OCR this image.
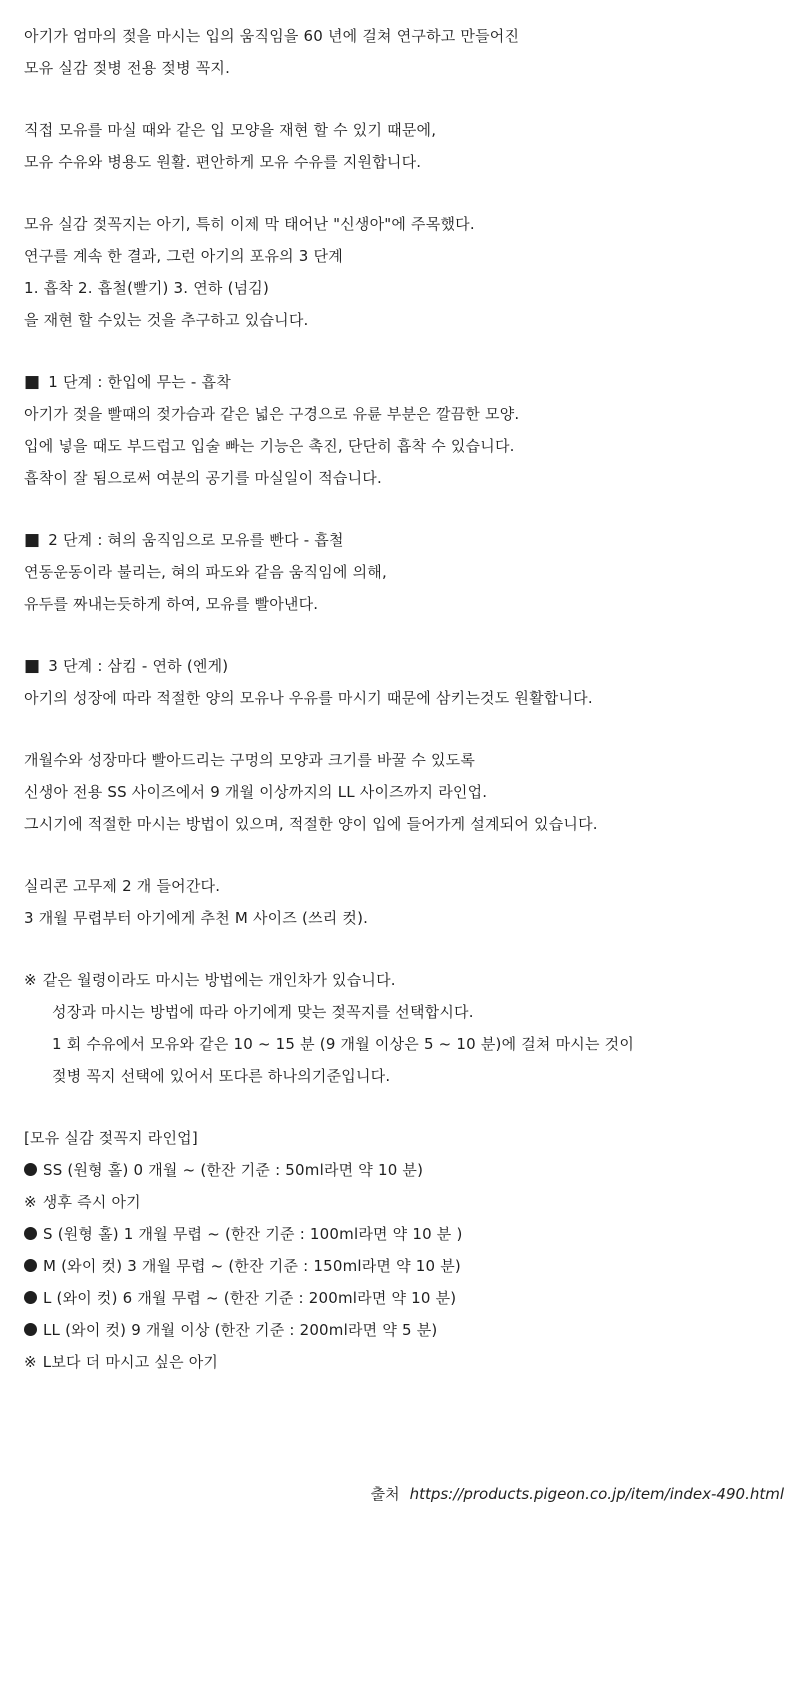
아기가 엄마의 젖을 마시는 입의 움직임을 60 년에 걸쳐 연구하고 만들어진
모유 실감 젖병 전용 젖병 꼭지.
직접 모유를 마실 때와 같은 입 모양을 재현 할 수 있기 때문에,
모유 수유와 병용도 원활. 편안하게 모유 수유를 지원합니다.
모유 실감 젖꼭지는 아기, 특히 이제 막 태어난 "신생아"에 주목했다.
연구를 계속 한 결과, 그런 아기의 포유의 3 단계
1. 흡착 2. 흡철(빨기) 3. 연하 (넘김)
을 재현 할 수있는 것을 추구하고 있습니다.
■ 1 단계 : 한입에 무는 - 흡착
아기가 젖을 빨때의 젖가슴과 같은 넓은 구경으로 유륜 부분은 깔끔한 모양.
입에 넣을 때도 부드럽고 입술 빠는 기능은 촉진, 단단히 흡착 수 있습니다.
흡착이 잘 됨으로써 여분의 공기를 마실일이 적습니다.
■ 2 단계 : 혀의 움직임으로 모유를 빤다 - 흡철
연동운동이라 불리는, 혀의 파도와 같음 움직임에 의해,
유두를 짜내는듯하게 하여, 모유를 빨아낸다.
■ 3 단계 : 삼킴 - 연하 (엔게)
아기의 성장에 따라 적절한 양의 모유나 우유를 마시기 때문에 삼키는것도 원활합니다.
개월수와 성장마다 빨아드리는 구멍의 모양과 크기를 바꿀 수 있도록
신생아 전용 SS 사이즈에서 9 개월 이상까지의 LL 사이즈까지 라인업.
그시기에 적절한 마시는 방법이 있으며, 적절한 양이 입에 들어가게 설계되어 있습니다.
실리콘 고무제 2 개 들어간다.
3 개월 무렵부터 아기에게 추천 M 사이즈 (쓰리 컷).
※ 같은 월령이라도 마시는 방법에는 개인차가 있습니다.
성장과 마시는 방법에 따라 아기에게 맞는 젖꼭지를 선택합시다.
1 회 수유에서 모유와 같은 10 ~ 15 분 (9 개월 이상은 5 ~ 10 분)에 걸쳐 마시는 것이
젖병 꼭지 선택에 있어서 또다른 하나의기준입니다.
[모유 실감 젖꼭지 라인업]
SS (원형 홀) 0 개월 ~ (한잔 기준 : 50ml라면 약 10 분)
※ 생후 즉시 아기
S (원형 홀) 1 개월 무렵 ~ (한잔 기준 : 100ml라면 약 10 분 )
M (와이 컷) 3 개월 무렵 ~ (한잔 기준 : 150ml라면 약 10 분)
L (와이 컷) 6 개월 무렵 ~ (한잔 기준 : 200ml라면 약 10 분)
LL (와이 컷) 9 개월 이상 (한잔 기준 : 200ml라면 약 5 분)
※ L보다 더 마시고 싶은 아기
출처 https://products.pigeon.co.jp/item/index-490.html
